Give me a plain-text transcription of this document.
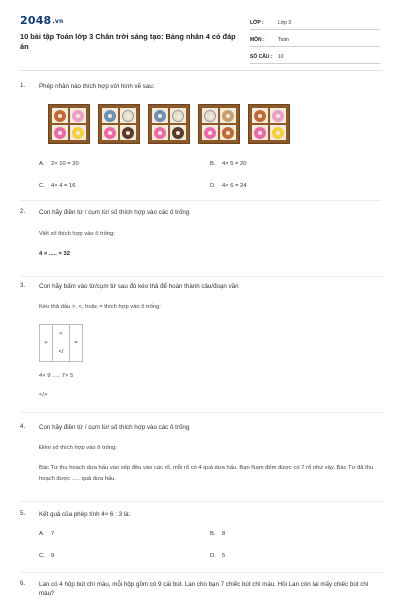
2048.vn
10 bài tập Toán lớp 3 Chân trời sáng tạo: Bảng nhân 4 có đáp án
LỚP :	Lớp 3
MÔN :	Toán
SỐ CÂU :	10
1. Phép nhân nào thích hợp với hình vẽ sau:
A. 2× 10 = 20	B. 4× 5 = 20
C. 4× 4 = 16	D. 4× 6 = 24
2. Con hãy điền từ / cụm từ/ số thích hợp vào các ô trống
Viết số thích hợp vào ô trống:
4 × ..... = 32
3. Con hãy bấm vào từ/cụm từ sau đó kéo thả để hoàn thành câu/đoạn văn
Kéo thả dấu >, <, hoặc = thích hợp vào ô trống:
>	<	=
</
4× 9 ..... 7× 5
</>
4. Con hãy điền từ / cụm từ/ số thích hợp vào các ô trống
Điền số thích hợp vào ô trống:
Bác Tư thu hoạch dưa hấu vào xếp đều vào các rổ, mỗi rổ có 4 quả dưa hấu. Bạn Nam đếm được có 7 rổ như vậy. Bác Tư đã thu hoạch được ..... quả dưa hấu.
5. Kết quả của phép tính 4× 6 : 3 là:
A. 7	B. 8
C. 9	D. 5
6. Lan có 4 hộp bút chì màu, mỗi hộp gồm có 9 cái bút. Lan cho bạn 7 chiếc bút chì màu. Hỏi Lan còn lại mấy chiếc bút chì màu?
